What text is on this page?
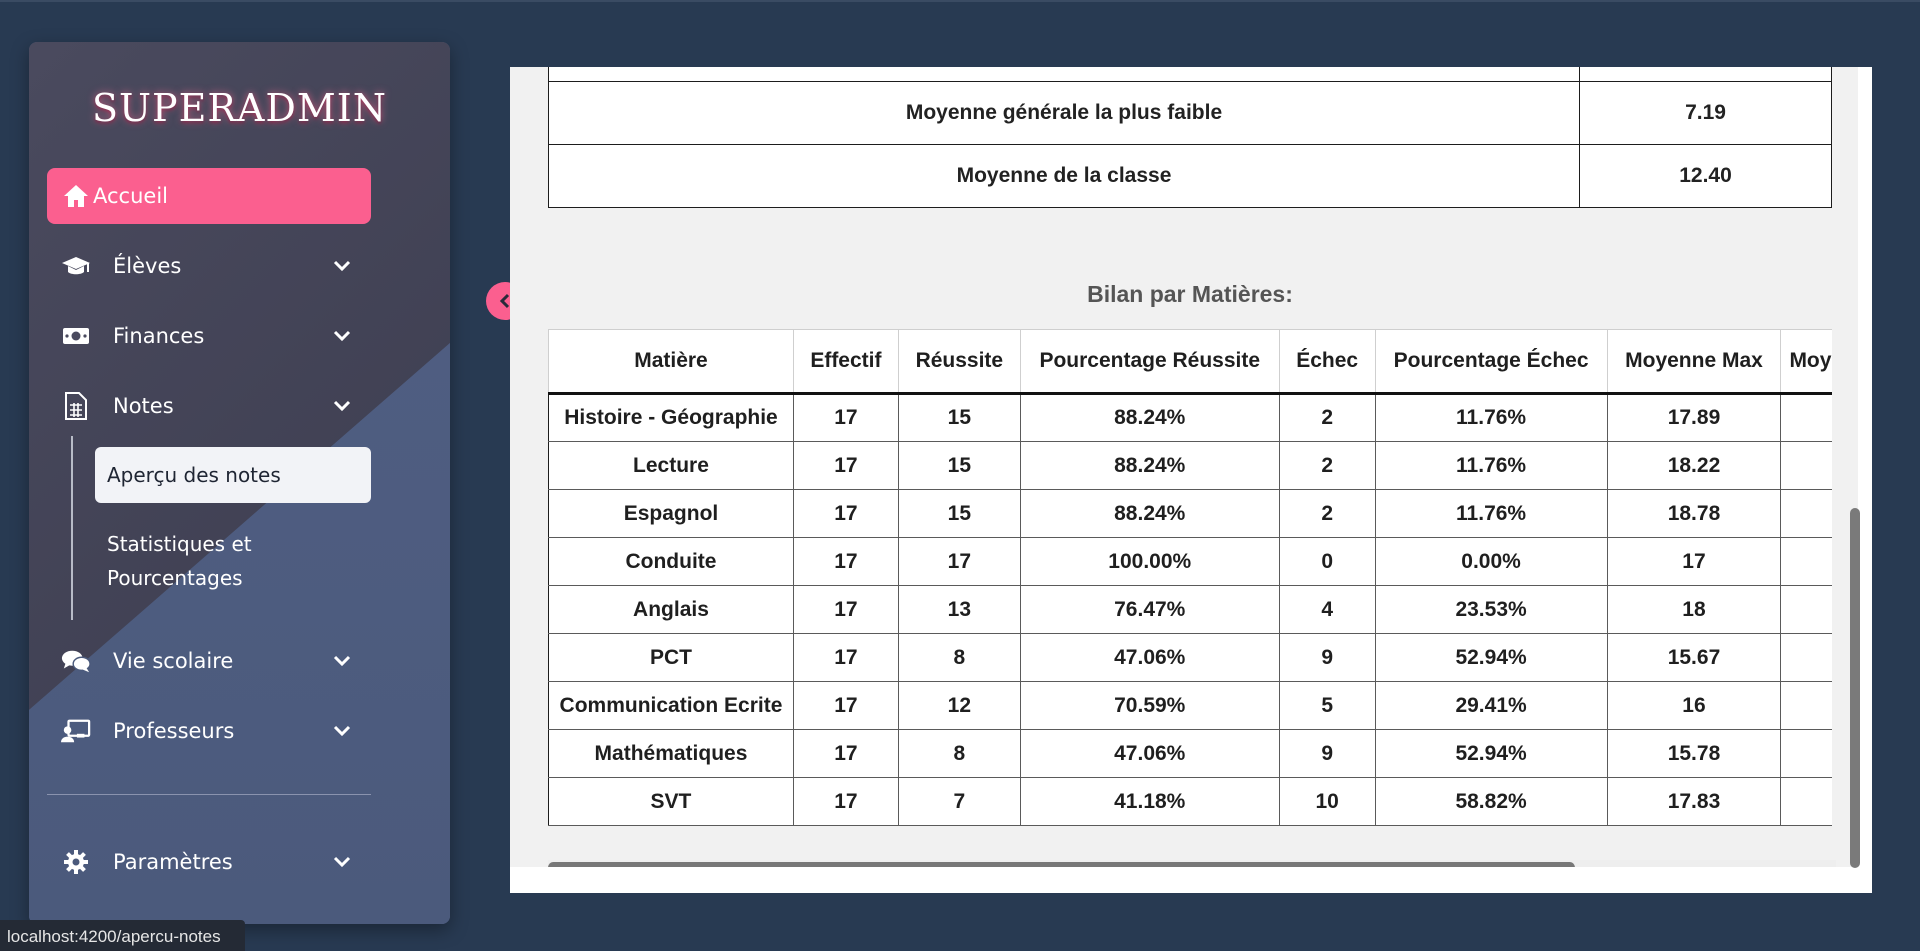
SUPERADMIN
Accueil
Élèves
Finances
Notes
Aperçu des notes
Statistiques et
Pourcentages
Vie scolaire
Professeurs
Paramètres

Moyenne générale la plus faible	7.19
Moyenne de la classe	12.40
Bilan par Matières:
Matière	Effectif	Réussite	Pourcentage Réussite	Échec	Pourcentage Échec	Moyenne Max	Moy
Histoire - Géographie	17	15	88.24%	2	11.76%	17.89	
Lecture	17	15	88.24%	2	11.76%	18.22	
Espagnol	17	15	88.24%	2	11.76%	18.78	
Conduite	17	17	100.00%	0	0.00%	17	
Anglais	17	13	76.47%	4	23.53%	18	
PCT	17	8	47.06%	9	52.94%	15.67	
Communication Ecrite	17	12	70.59%	5	29.41%	16	
Mathématiques	17	8	47.06%	9	52.94%	15.78	
SVT	17	7	41.18%	10	58.82%	17.83	
localhost:4200/apercu-notes
